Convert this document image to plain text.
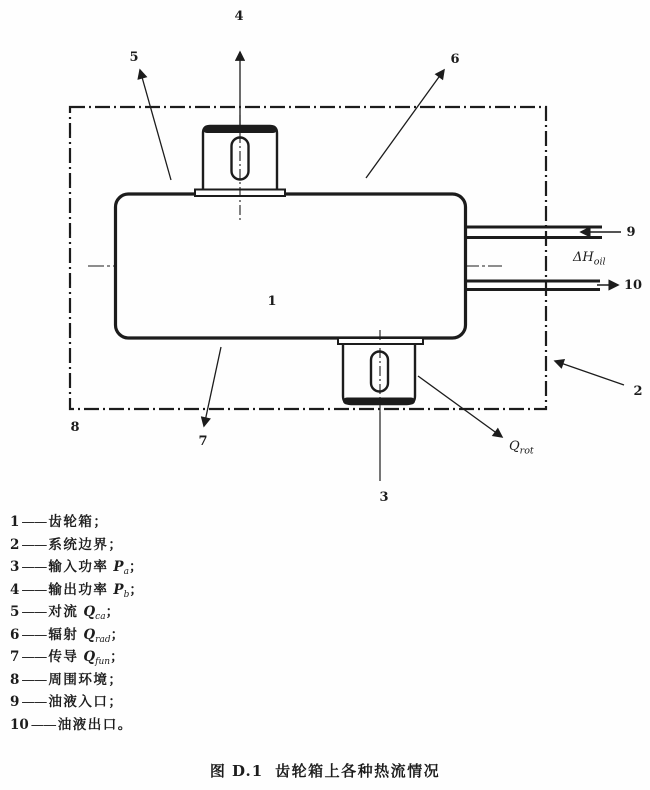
4
5	6
9
10
2
8
7
3
1
$\Delta H_{oil}$
$Q_{rot}$
1 —— 齿轮箱；
2 —— 系统边界；
3 —— 输入功率 $P_a$；
4 —— 输出功率 $P_b$；
5 —— 对流 $Q_{ca}$；
6 —— 辐射 $Q_{rad}$；
7 —— 传导 $Q_{fun}$；
8 —— 周围环境；
9 —— 油液入口；
10 —— 油液出口。
图 D.1 齿轮箱上各种热流情况
